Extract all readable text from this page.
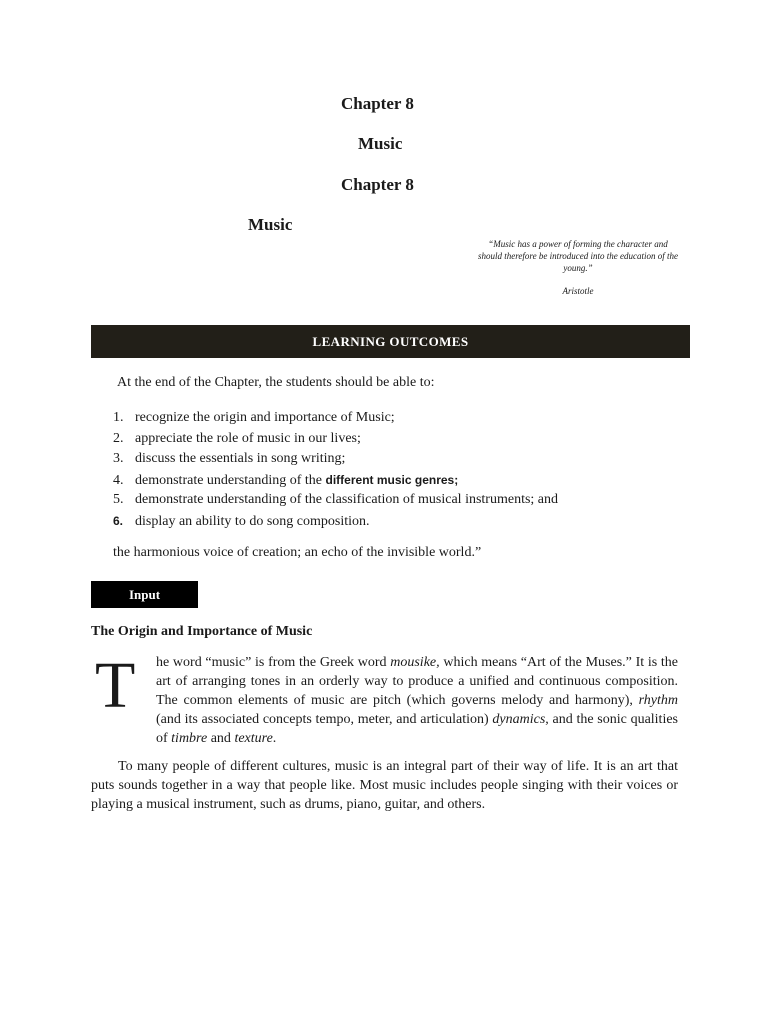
Chapter 8
Music
Chapter 8
Music
“Music has a power of forming the character and should therefore be introduced into the education of the young.”
Aristotle
LEARNING OUTCOMES
At the end of the Chapter, the students should be able to:
1. recognize the origin and importance of Music;
2. appreciate the role of music in our lives;
3. discuss the essentials in song writing;
4. demonstrate understanding of the different music genres;
5. demonstrate understanding of the classification of musical instruments; and
6. display an ability to do song composition.
the harmonious voice of creation; an echo of the invisible world.”
Input
The Origin and Importance of Music
T he word “music” is from the Greek word mousike, which means “Art of the Muses.” It is the art of arranging tones in an orderly way to produce a unified and continuous composition. The common elements of music are pitch (which governs melody and harmony), rhythm (and its associated concepts tempo, meter, and articulation) dynamics, and the sonic qualities of timbre and texture.

To many people of different cultures, music is an integral part of their way of life. It is an art that puts sounds together in a way that people like. Most music includes people singing with their voices or playing a musical instrument, such as drums, piano, guitar, and others.
